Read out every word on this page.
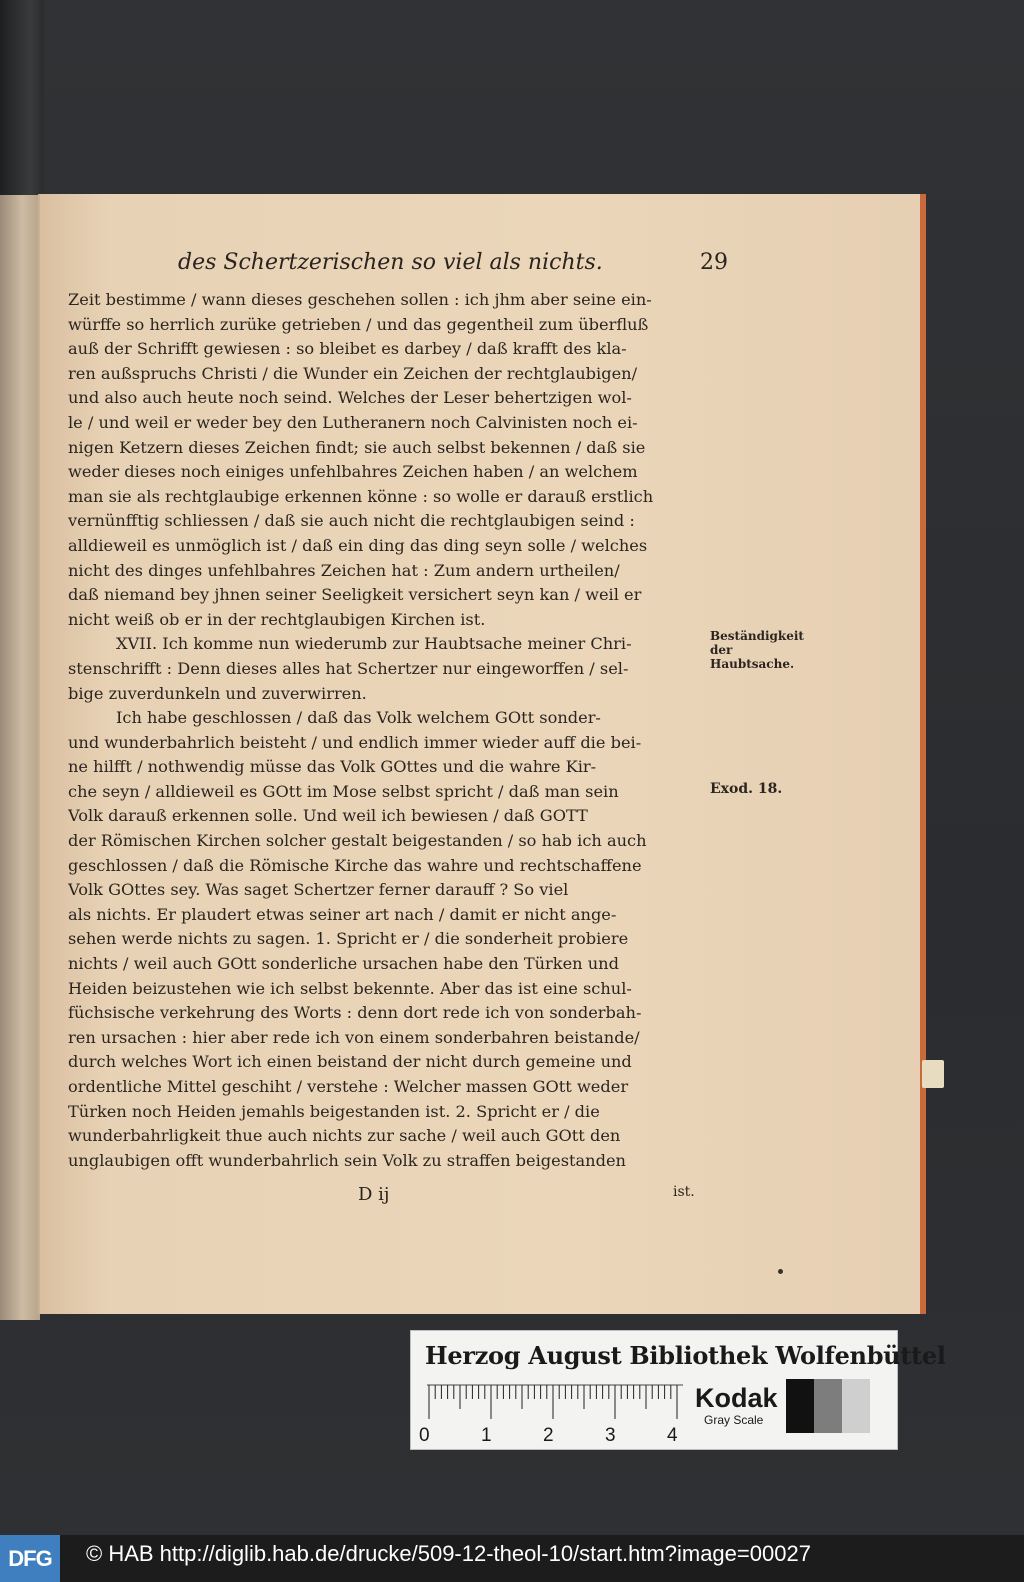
des Schertzerischen so viel als nichts.	29
Zeit bestimme / wann dieses geschehen sollen : ich jhm aber seine ein-
würffe so herrlich zurüke getrieben / und das gegentheil zum überfluß
auß der Schrifft gewiesen : so bleibet es darbey / daß krafft des kla-
ren außspruchs Christi / die Wunder ein Zeichen der rechtglaubigen/
und also auch heute noch seind. Welches der Leser behertzigen wol-
le / und weil er weder bey den Lutheranern noch Calvinisten noch ei-
nigen Ketzern dieses Zeichen findt; sie auch selbst bekennen / daß sie
weder dieses noch einiges unfehlbahres Zeichen haben / an welchem
man sie als rechtglaubige erkennen könne : so wolle er darauß erstlich
vernünfftig schliessen / daß sie auch nicht die rechtglaubigen seind :
alldieweil es unmöglich ist / daß ein ding das ding seyn solle / welches
nicht des dinges unfehlbahres Zeichen hat : Zum andern urtheilen/
daß niemand bey jhnen seiner Seeligkeit versichert seyn kan / weil er
nicht weiß ob er in der rechtglaubigen Kirchen ist.
XVII. Ich komme nun wiederumb zur Haubtsache meiner Chri-
stenschrifft : Denn dieses alles hat Schertzer nur eingeworffen / sel-
bige zuverdunkeln und zuverwirren.
Ich habe geschlossen / daß das Volk welchem GOtt sonder-
und wunderbahrlich beisteht / und endlich immer wieder auff die bei-
ne hilfft / nothwendig müsse das Volk GOttes und die wahre Kir-
che seyn / alldieweil es GOtt im Mose selbst spricht / daß man sein
Volk darauß erkennen solle. Und weil ich bewiesen / daß GOTT
der Römischen Kirchen solcher gestalt beigestanden / so hab ich auch
geschlossen / daß die Römische Kirche das wahre und rechtschaffene
Volk GOttes sey. Was saget Schertzer ferner darauff ? So viel
als nichts. Er plaudert etwas seiner art nach / damit er nicht ange-
sehen werde nichts zu sagen. 1. Spricht er / die sonderheit probiere
nichts / weil auch GOtt sonderliche ursachen habe den Türken und
Heiden beizustehen wie ich selbst bekennte. Aber das ist eine schul-
füchsische verkehrung des Worts : denn dort rede ich von sonderbah-
ren ursachen : hier aber rede ich von einem sonderbahren beistande/
durch welches Wort ich einen beistand der nicht durch gemeine und
ordentliche Mittel geschiht / verstehe : Welcher massen GOtt weder
Türken noch Heiden jemahls beigestanden ist. 2. Spricht er / die
wunderbahrligkeit thue auch nichts zur sache / weil auch GOtt den
unglaubigen offt wunderbahrlich sein Volk zu straffen beigestanden
Beständigkeit der Haubtsache.
Exod. 18.
D ij	ist.
Herzog August Bibliothek Wolfenbüttel
0	1	2	3	4
Kodak
Gray Scale
DFG	© HAB http://diglib.hab.de/drucke/509-12-theol-10/start.htm?image=00027
